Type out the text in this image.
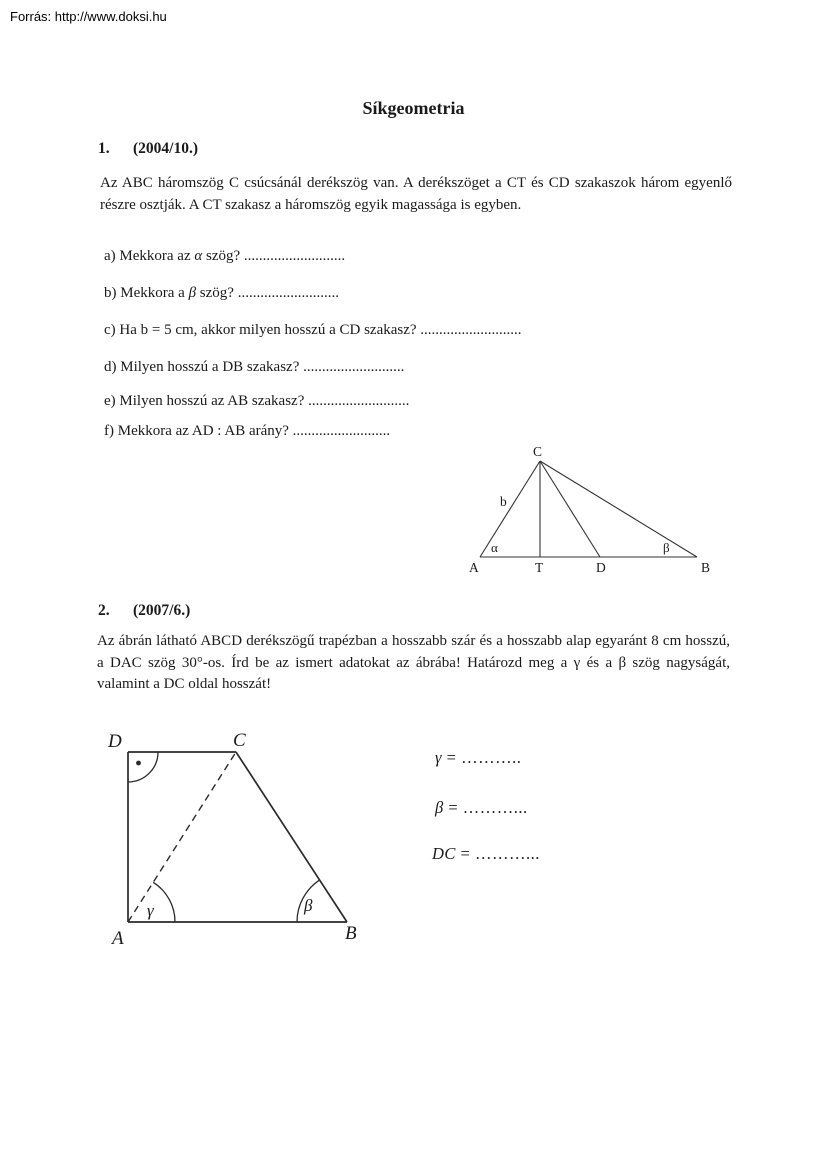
Forrás: http://www.doksi.hu
Síkgeometria
1. (2004/10.)

Az ABC háromszög C csúcsánál derékszög van. A derékszöget a CT és CD szakaszok három egyenlő részre osztják. A CT szakasz a háromszög egyik magassága is egyben.

a) Mekkora az α szög? ...........................
b) Mekkora a β szög? ...........................
c) Ha b = 5 cm, akkor milyen hosszú a CD szakasz? ...........................
d) Milyen hosszú a DB szakasz? ...........................
e) Milyen hosszú az AB szakasz? ...........................
f) Mekkora az AD : AB arány? ..........................
C
A	T	D	B
b
α	β
2. (2007/6.)

Az ábrán látható ABCD derékszögű trapézban a hosszabb szár és a hosszabb alap egyaránt 8 cm hosszú, a DAC szög 30°-os. Írd be az ismert adatokat az ábrába! Határozd meg a γ és a β szög nagyságát, valamint a DC oldal hosszát!

D	C
A	B
γ	β
γ = ………..
β = ………...
DC = ………...
